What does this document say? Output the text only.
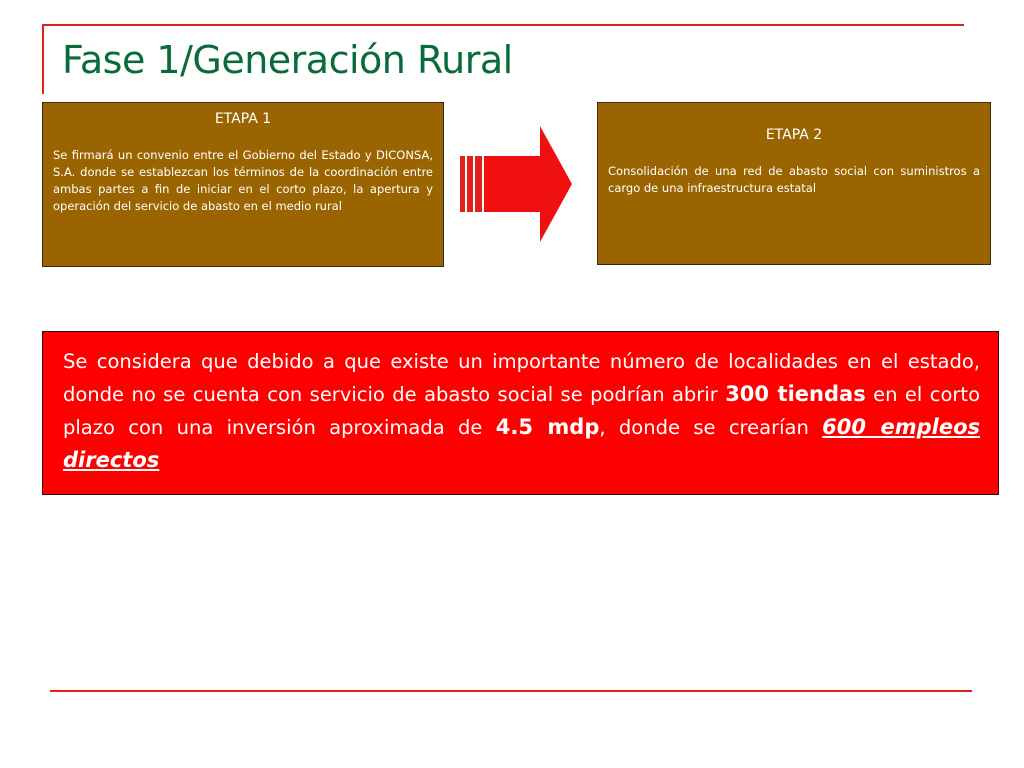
Fase 1/Generación Rural
ETAPA 1
Se firmará un convenio entre el Gobierno del Estado y DICONSA, S.A. donde se establezcan los términos de la coordinación entre ambas partes a fin de iniciar en el corto plazo, la apertura y operación del servicio de abasto en el medio rural
ETAPA 2
Consolidación de una red de abasto social con suministros a cargo de una infraestructura estatal
Se considera que debido a que existe un importante número de localidades en el estado, donde no se cuenta con servicio de abasto social se podrían abrir 300 tiendas en el corto plazo con una inversión aproximada de 4.5 mdp, donde se crearían 600 empleos directos
